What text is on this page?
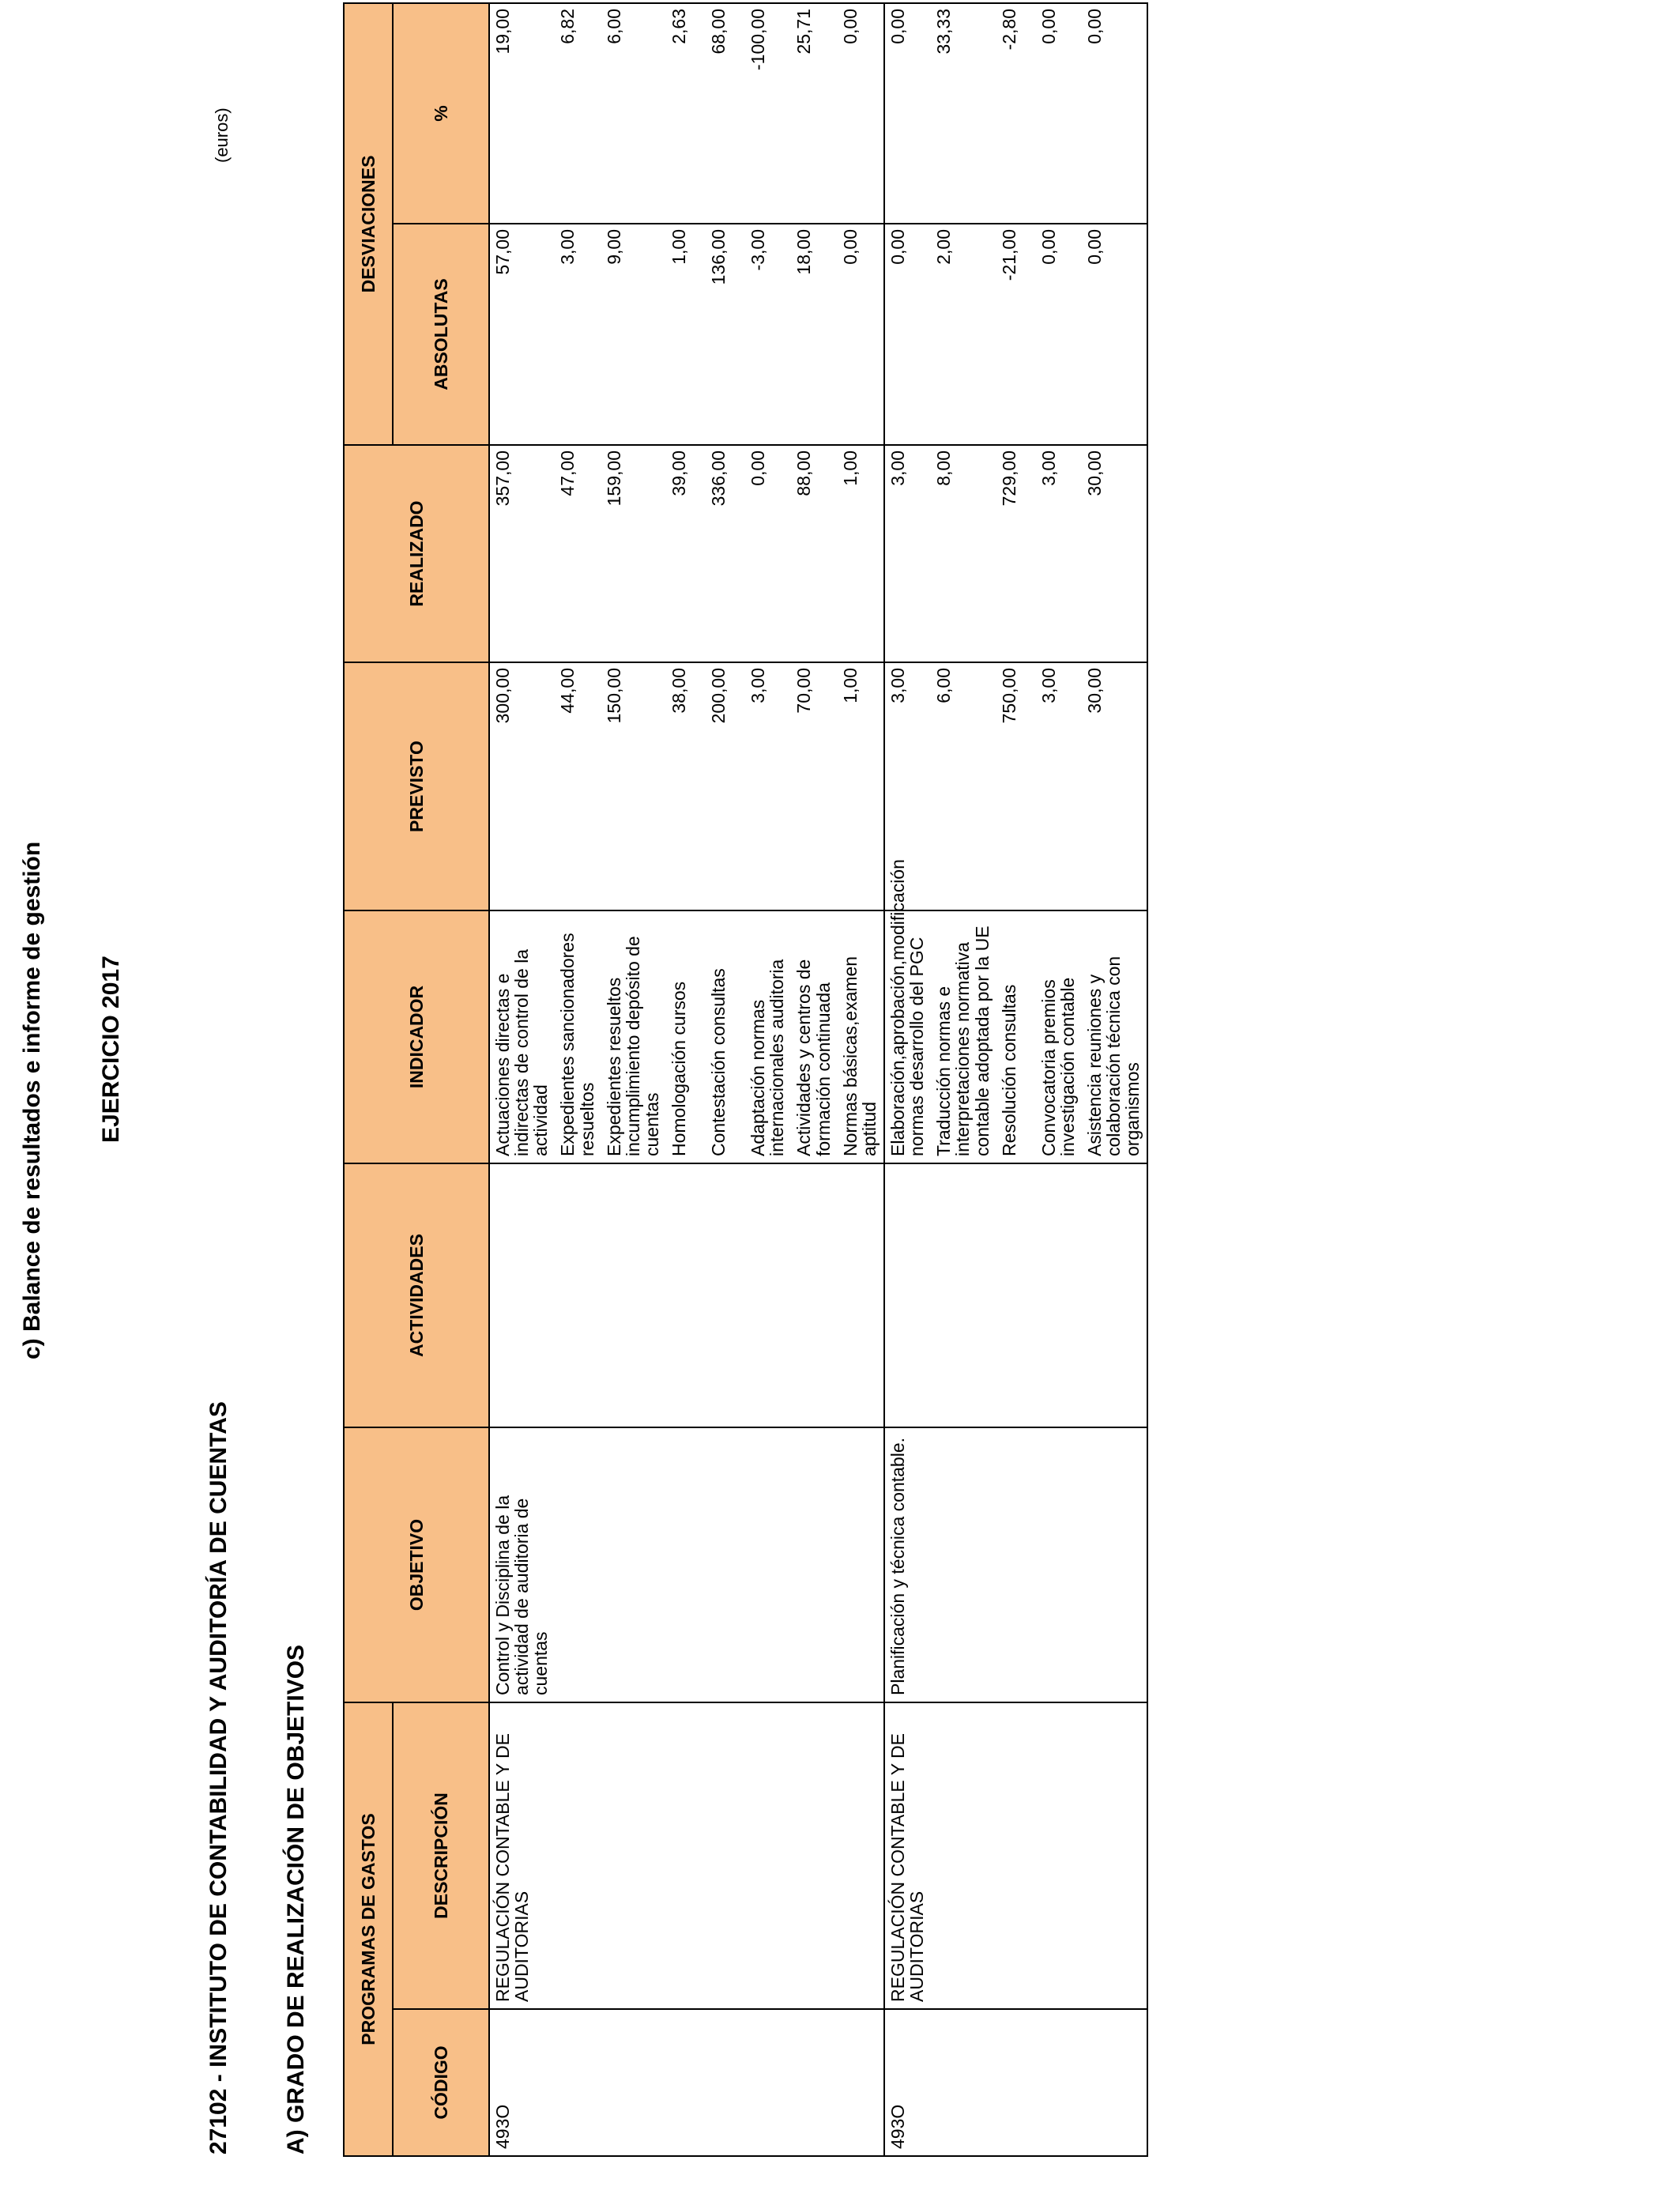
c) Balance de resultados e informe de gestión EJERCICIO 2017
27102 - INSTITUTO DE CONTABILIDAD Y AUDITORÍA DE CUENTAS A) GRADO DE REALIZACIÓN DE OBJETIVOS
(euros)
PROGRAMAS DE GASTOS		OBJETIVO	ACTIVIDADES	INDICADOR	PREVISTO	REALIZADO	DESVIACIONES	
CÓDIGO	DESCRIPCIÓN						ABSOLUTAS	%
493O	REGULACIÓN CONTABLE Y DE AUDITORIAS	Control y Disciplina de la actividad de auditoria de cuentas		Actuaciones directas e indirectas de control de la actividad	300,00	357,00	57,00	19,00
				Expedientes sancionadores resueltos	44,00	47,00	3,00	6,82
				Expedientes resueltos incumplimiento depósito de cuentas	150,00	159,00	9,00	6,00
				Homologación cursos	38,00	39,00	1,00	2,63
				Contestación consultas	200,00	336,00	136,00	68,00
				Adaptación normas internacionales auditoria	3,00	0,00	-3,00	-100,00
				Actividades y centros de formación continuada	70,00	88,00	18,00	25,71
				Normas básicas,examen aptitud	1,00	1,00	0,00	0,00
493O	REGULACIÓN CONTABLE Y DE AUDITORIAS	Planificación y técnica contable.		Elaboración,aprobación,modificación normas desarrollo del PGC	3,00	3,00	0,00	0,00
				Traducción normas e interpretaciones normativa contable adoptada por la UE	6,00	8,00	2,00	33,33
				Resolución consultas	750,00	729,00	-21,00	-2,80
				Convocatoria premios investigación contable	3,00	3,00	0,00	0,00
				Asistencia reuniones y colaboración técnica con organismos	30,00	30,00	0,00	0,00
